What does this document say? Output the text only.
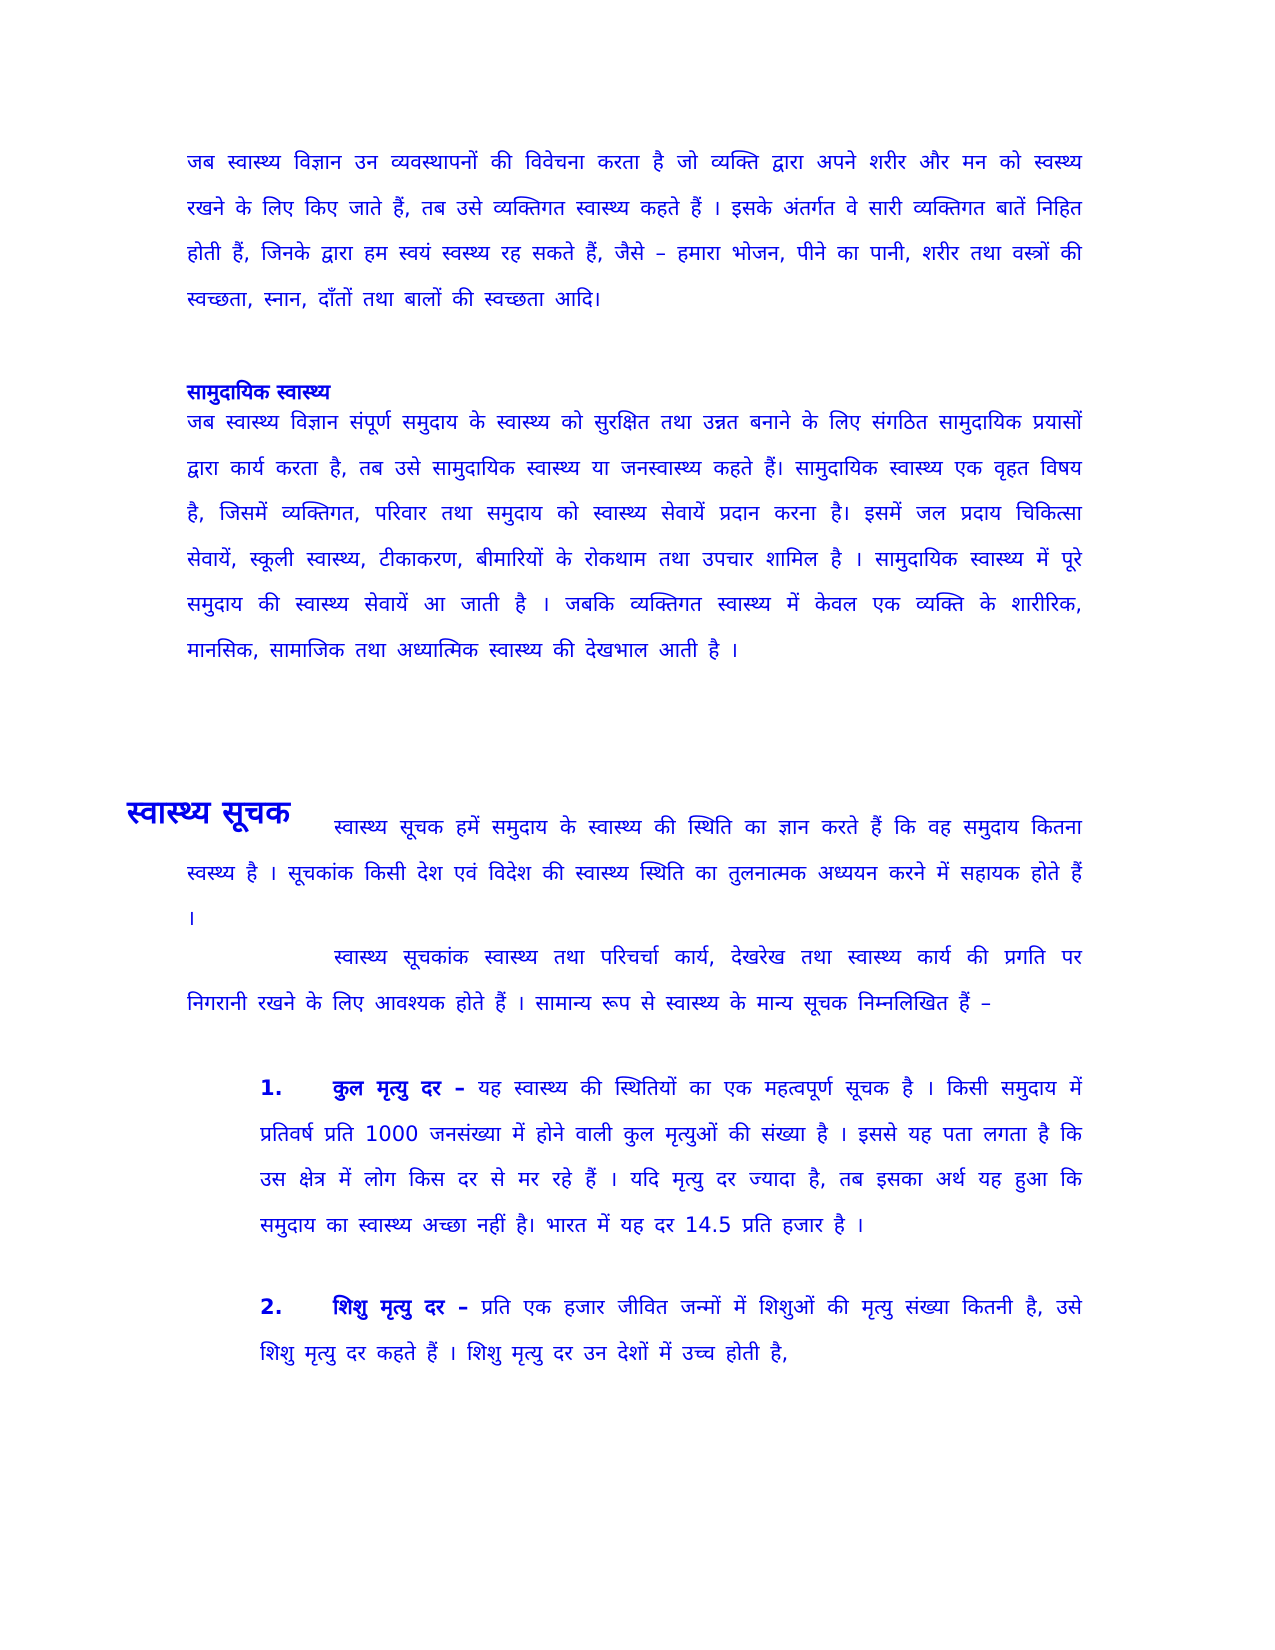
जब स्वास्थ्य विज्ञान उन व्यवस्थापनों की विवेचना करता है जो व्यक्ति द्वारा अपने शरीर और मन को स्वस्थ्य रखने के लिए किए जाते हैं, तब उसे व्यक्तिगत स्वास्थ्य कहते हैं । इसके अंतर्गत वे सारी व्यक्तिगत बातें निहित होती हैं, जिनके द्वारा हम स्वयं स्वस्थ्य रह सकते हैं, जैसे – हमारा भोजन, पीने का पानी, शरीर तथा वस्त्रों की स्वच्छता, स्नान, दाँतों तथा बालों की स्वच्छता आदि।

सामुदायिक स्वास्थ्य

जब स्वास्थ्य विज्ञान संपूर्ण समुदाय के स्वास्थ्य को सुरक्षित तथा उन्नत बनाने के लिए संगठित सामुदायिक प्रयासों द्वारा कार्य करता है, तब उसे सामुदायिक स्वास्थ्य या जनस्वास्थ्य कहते हैं। सामुदायिक स्वास्थ्य एक वृहत विषय है, जिसमें व्यक्तिगत, परिवार तथा समुदाय को स्वास्थ्य सेवायें प्रदान करना है। इसमें जल प्रदाय चिकित्सा सेवायें, स्कूली स्वास्थ्य, टीकाकरण, बीमारियों के रोकथाम तथा उपचार शामिल है । सामुदायिक स्वास्थ्य में पूरे समुदाय की स्वास्थ्य सेवायें आ जाती है । जबकि व्यक्तिगत स्वास्थ्य में केवल एक व्यक्ति के शारीरिक, मानसिक, सामाजिक तथा अध्यात्मिक स्वास्थ्य की देखभाल आती है ।

स्वास्थ्य सूचक	स्वास्थ्य सूचक हमें समुदाय के स्वास्थ्य की स्थिति का ज्ञान करते हैं कि वह समुदाय कितना स्वस्थ्य है । सूचकांक किसी देश एवं विदेश की स्वास्थ्य स्थिति का तुलनात्मक अध्ययन करने में सहायक होते हैं ।

स्वास्थ्य सूचकांक स्वास्थ्य तथा परिचर्चा कार्य, देखरेख तथा स्वास्थ्य कार्य की प्रगति पर निगरानी रखने के लिए आवश्यक होते हैं । सामान्य रूप से स्वास्थ्य के मान्य सूचक निम्नलिखित हैं –

1. कुल मृत्यु दर – यह स्वास्थ्य की स्थितियों का एक महत्वपूर्ण सूचक है । किसी समुदाय में प्रतिवर्ष प्रति 1000 जनसंख्या में होने वाली कुल मृत्युओं की संख्या है । इससे यह पता लगता है कि उस क्षेत्र में लोग किस दर से मर रहे हैं । यदि मृत्यु दर ज्यादा है, तब इसका अर्थ यह हुआ कि समुदाय का स्वास्थ्य अच्छा नहीं है। भारत में यह दर 14.5 प्रति हजार है ।

2. शिशु मृत्यु दर – प्रति एक हजार जीवित जन्मों में शिशुओं की मृत्यु संख्या कितनी है, उसे शिशु मृत्यु दर कहते हैं । शिशु मृत्यु दर उन देशों में उच्च होती है,
